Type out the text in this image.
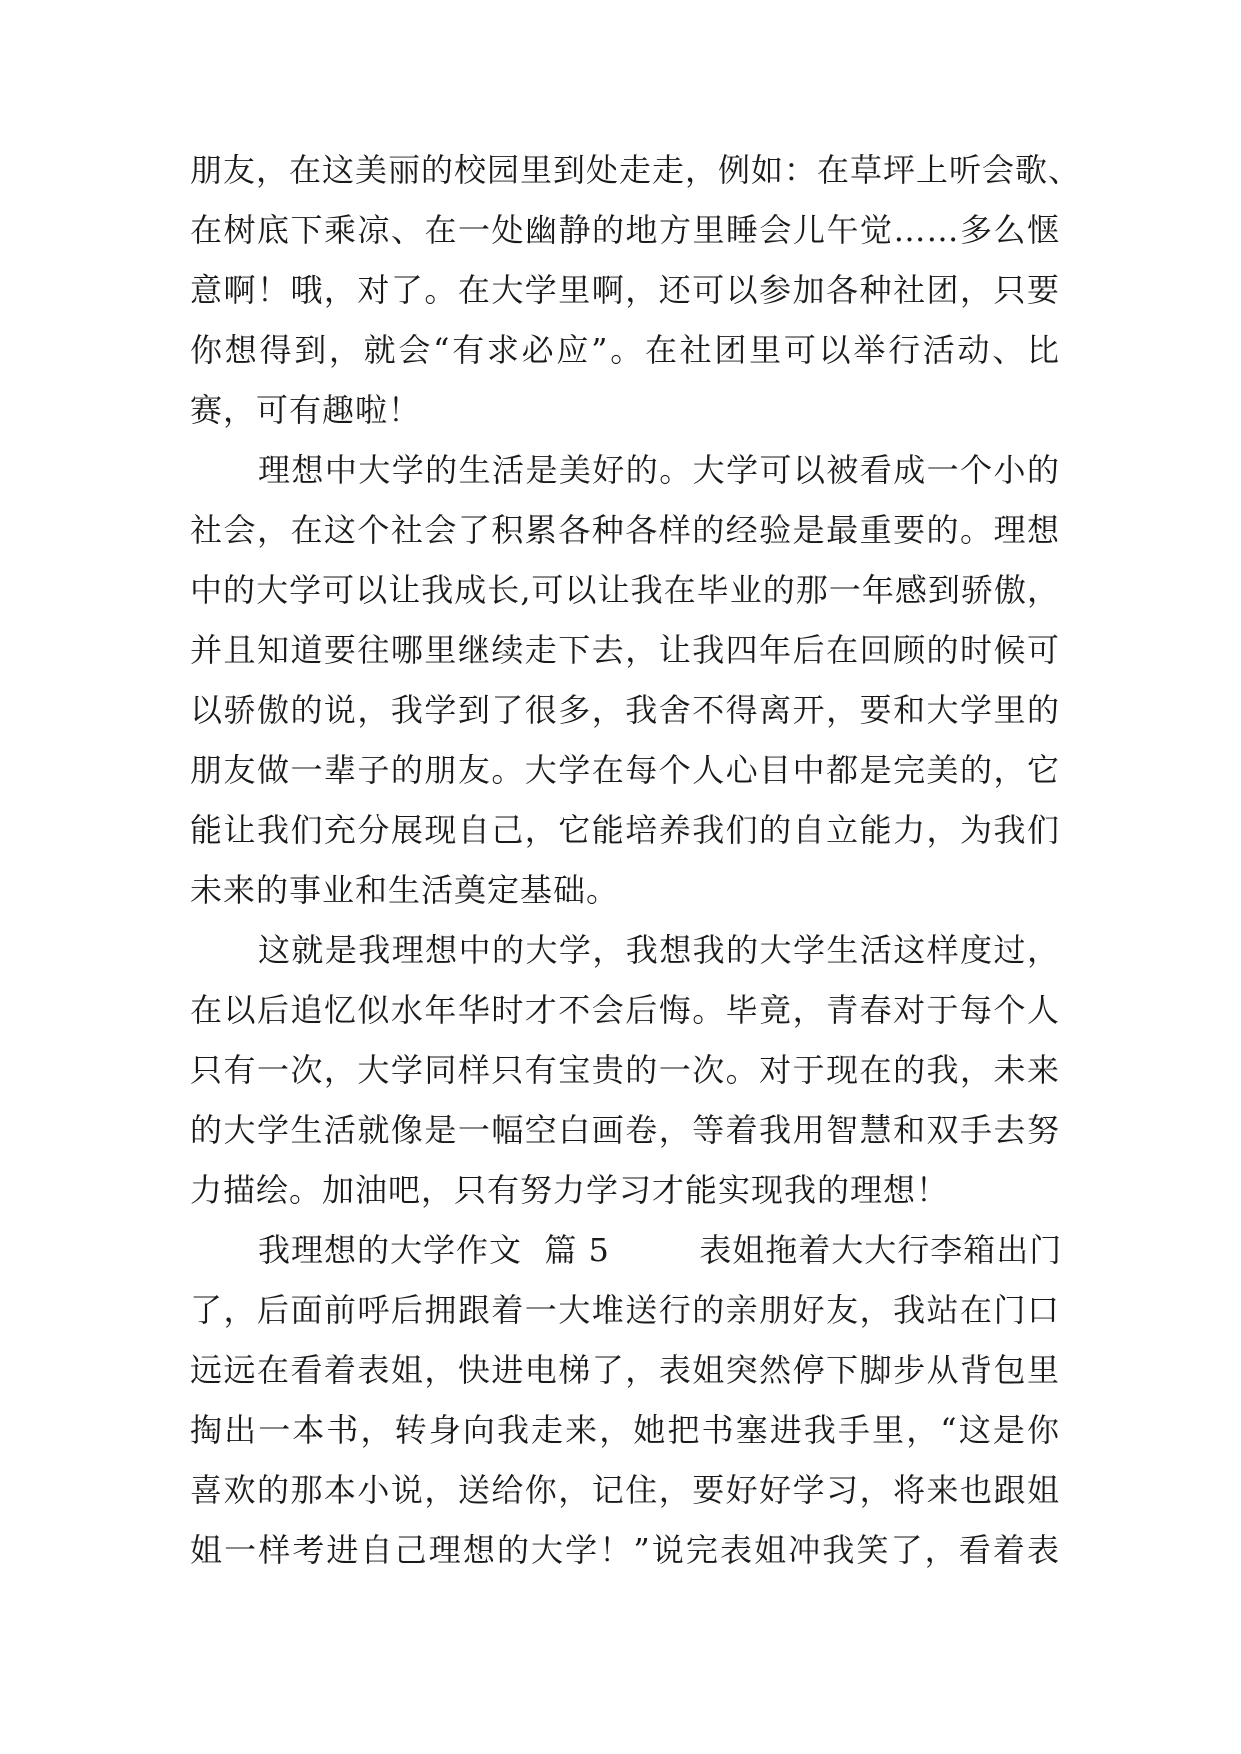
朋友，在这美丽的校园里到处走走，例如：在草坪上听会歌、
在树底下乘凉、在一处幽静的地方里睡会儿午觉……多么惬
意啊！哦，对了。在大学里啊，还可以参加各种社团，只要
你想得到，就会“有求必应”。在社团里可以举行活动、比
赛，可有趣啦！
理想中大学的生活是美好的。大学可以被看成一个小的
社会，在这个社会了积累各种各样的经验是最重要的。理想
中的大学可以让我成长,可以让我在毕业的那一年感到骄傲，
并且知道要往哪里继续走下去，让我四年后在回顾的时候可
以骄傲的说，我学到了很多，我舍不得离开，要和大学里的
朋友做一辈子的朋友。大学在每个人心目中都是完美的，它
能让我们充分展现自己，它能培养我们的自立能力，为我们
未来的事业和生活奠定基础。
这就是我理想中的大学，我想我的大学生活这样度过，
在以后追忆似水年华时才不会后悔。毕竟，青春对于每个人
只有一次，大学同样只有宝贵的一次。对于现在的我，未来
的大学生活就像是一幅空白画卷，等着我用智慧和双手去努
力描绘。加油吧，只有努力学习才能实现我的理想！
我理想的大学作文  篇 5        表姐拖着大大行李箱出门
了，后面前呼后拥跟着一大堆送行的亲朋好友，我站在门口
远远在看着表姐，快进电梯了，表姐突然停下脚步从背包里
掏出一本书，转身向我走来，她把书塞进我手里，“这是你
喜欢的那本小说，送给你，记住，要好好学习，将来也跟姐
姐一样考进自己理想的大学！”说完表姐冲我笑了，看着表
